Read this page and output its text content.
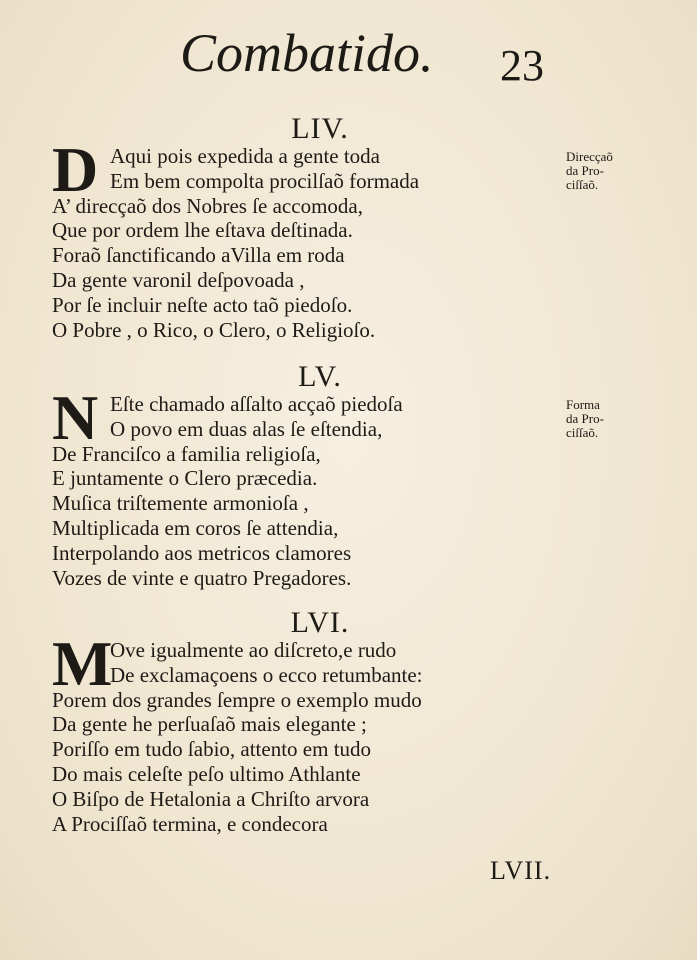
Combatido. 23
LIV.
D Aqui pois expedida a gente toda
Em bem compolta procilſaõ formada
A’ direcçaõ dos Nobres ſe accomoda,
Que por ordem lhe eſtava deſtinada.
Foraõ ſanctificando aVilla em roda
Da gente varonil deſpovoada ,
Por ſe incluir neſte acto taõ piedoſo.
O Pobre , o Rico, o Clero, o Religioſo.
Direcçaõ
da Pro-
ciſſaõ.
LV.
N Eſte chamado aſſalto acçaõ piedoſa
O povo em duas alas ſe eſtendia,
De Franciſco a familia religioſa,
E juntamente o Clero præcedia.
Muſica triſtemente armonioſa ,
Multiplicada em coros ſe attendia,
Interpolando aos metricos clamores
Vozes de vinte e quatro Pregadores.
Forma
da Pro-
ciſſaõ.
LVI.
M
Ove igualmente ao diſcreto,e rudo
De exclamaçoens o ecco retumbante:
Porem dos grandes ſempre o exemplo mudo
Da gente he perſuaſaõ mais elegante ;
Poriſſo em tudo ſabio, attento em tudo
Do mais celeſte peſo ultimo Athlante
O Biſpo de Hetalonia a Chriſto arvora
A Prociſſaõ termina, e condecora
LVII.
